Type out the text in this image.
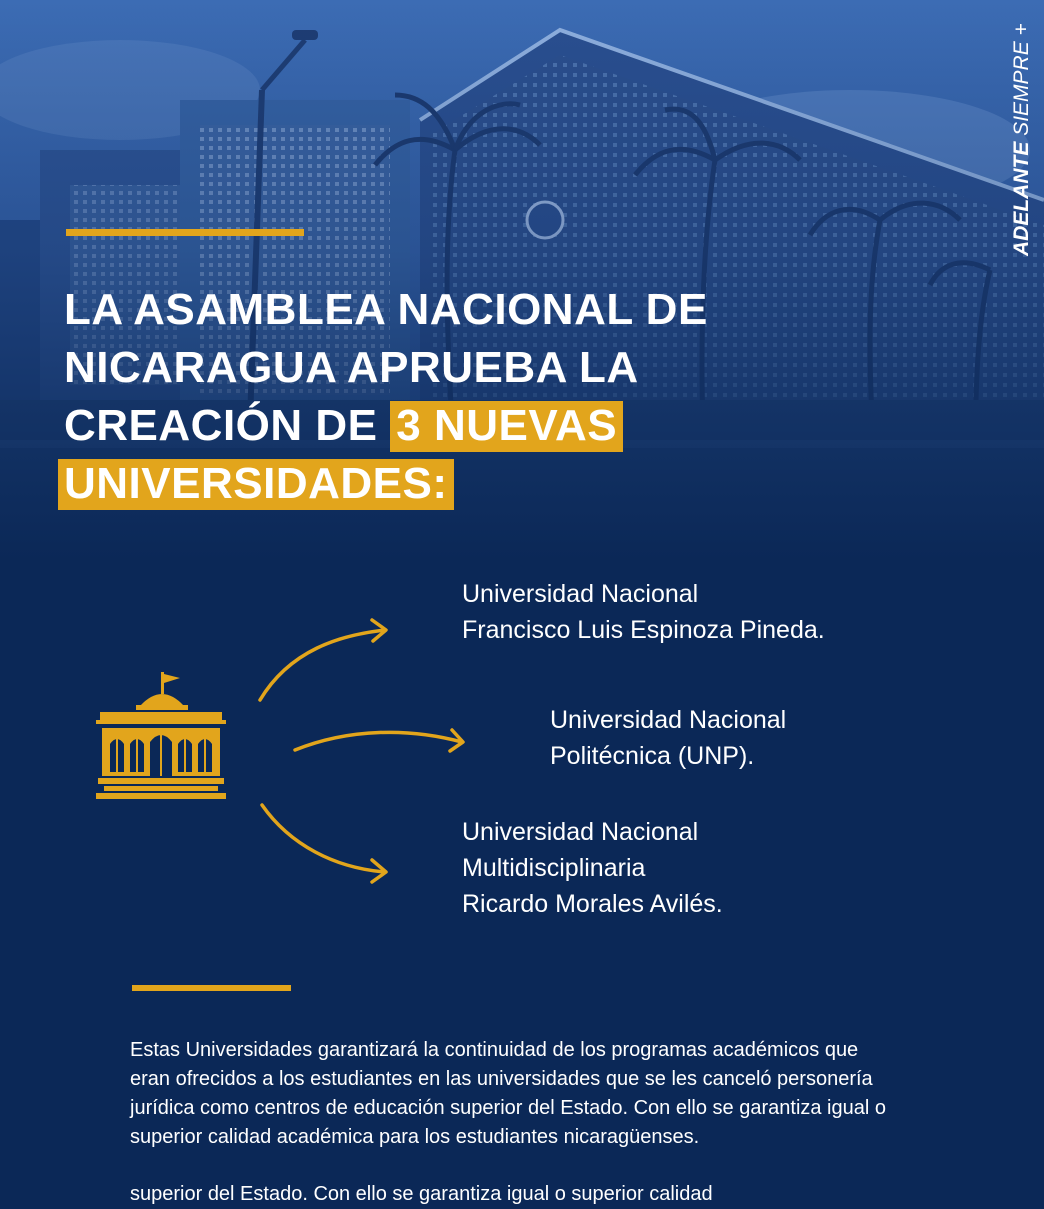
ADELANTE SIEMPRE +
LA ASAMBLEA NACIONAL DE
NICARAGUA APRUEBA LA
CREACIÓN DE 3 NUEVAS
UNIVERSIDADES:
Universidad Nacional
Francisco Luis Espinoza Pineda.
Universidad Nacional
Politécnica (UNP).
Universidad Nacional
Multidisciplinaria
Ricardo Morales Avilés.

Estas Universidades garantizará la continuidad de los programas académicos que eran ofrecidos a los estudiantes en las universidades que se les canceló personería jurídica como centros de educación superior del Estado. Con ello se garantiza igual o superior calidad académica para los estudiantes nicaragüenses.

superior del Estado. Con ello se garantiza igual o superior calidad
